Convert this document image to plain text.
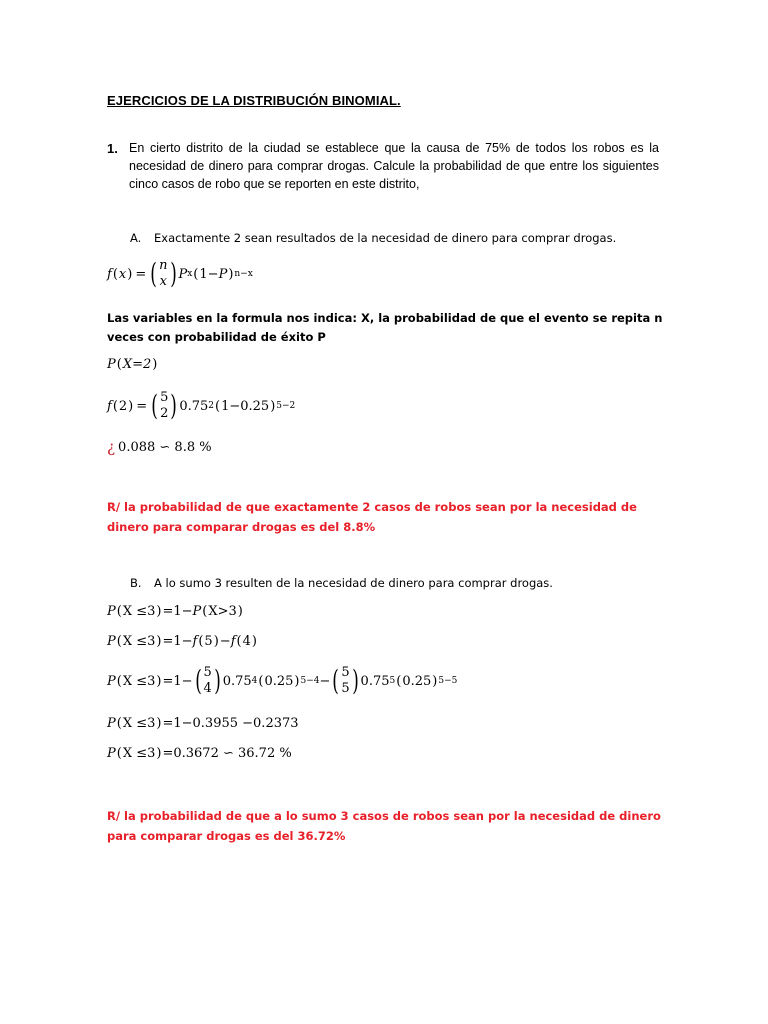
EJERCICIOS DE LA DISTRIBUCIÓN BINOMIAL.
1. En cierto distrito de la ciudad se establece que la causa de 75% de todos los robos es la necesidad de dinero para comprar drogas. Calcule la probabilidad de que entre los siguientes cinco casos de robo que se reporten en este distrito,
A. Exactamente 2 sean resultados de la necesidad de dinero para comprar drogas.
f ( x ) = ( n
x ) P x ( 1 − P ) n−x
Las variables en la formula nos indica: X, la probabilidad de que el evento se repita n veces con probabilidad de éxito P
P ( X=2 )
f ( 2 ) = ( 5
2 ) 0.75 2 ( 1−0.25 ) 5−2
¿ 0.088 ∽ 8.8 %
R/ la probabilidad de que exactamente 2 casos de robos sean por la necesidad de dinero para comparar drogas es del 8.8%
B. A lo sumo 3 resulten de la necesidad de dinero para comprar drogas.
P ( X ≤3 ) =1− P ( X>3 )
P ( X ≤3 ) =1− f ( 5 ) − f ( 4 )
P ( X ≤3 ) =1− ( 5
4 ) 0.75 4 ( 0.25 ) 5−4 − ( 5
5 ) 0.75 5 ( 0.25 ) 5−5
P ( X ≤3 ) =1−0.3955 −0.2373
P ( X ≤3 ) =0.3672 ∽ 36.72 %
R/ la probabilidad de que a lo sumo 3 casos de robos sean por la necesidad de dinero para comparar drogas es del 36.72%
